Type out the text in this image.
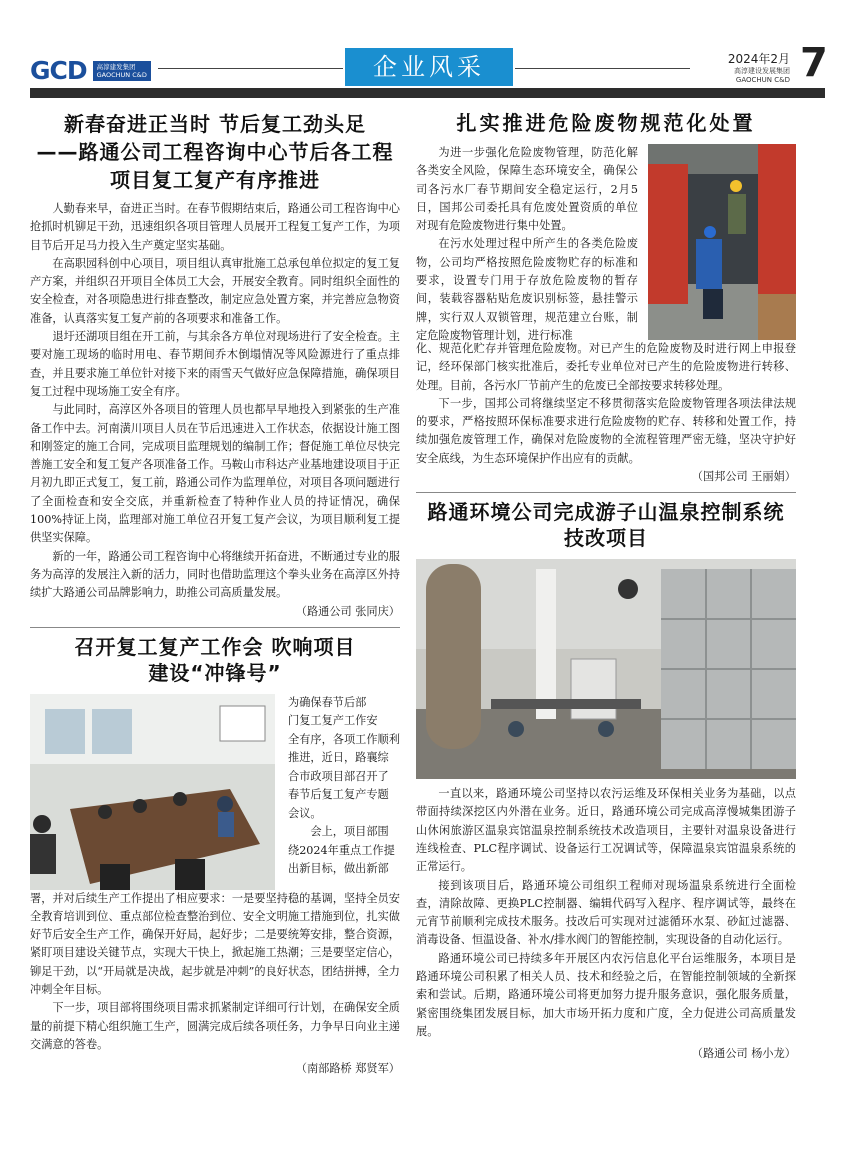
GCD	高淳建发集团
GAOCHUN C&D	企业风采	2024年2月
高淳建设发展集团
GAOCHUN C&D 7
新春奋进正当时 节后复工劲头足
——路通公司工程咨询中心节后各工程
项目复工复产有序推进

人勤春来早，奋进正当时。在春节假期结束后，路通公司工程咨询中心抢抓时机铆足干劲，迅速组织各项目管理人员展开工程复工复产工作，为项目节后开足马力投入生产奠定坚实基础。

在高职园科创中心项目，项目组认真审批施工总承包单位拟定的复工复产方案，并组织召开项目全体员工大会，开展安全教育。同时组织全面性的安全检查，对各项隐患进行排查整改，制定应急处置方案，并完善应急物资准备，认真落实复工复产前的各项要求和准备工作。

退圩还湖项目组在开工前，与其余各方单位对现场进行了安全检查。主要对施工现场的临时用电、春节期间乔木倒塌情况等风险源进行了重点排查，并且要求施工单位针对接下来的雨雪天气做好应急保障措施，确保项目复工过程中现场施工安全有序。

与此同时，高淳区外各项目的管理人员也都早早地投入到紧张的生产准备工作中去。河南潢川项目人员在节后迅速进入工作状态，依据设计施工图和刚签定的施工合同，完成项目监理规划的编制工作；督促施工单位尽快完善施工安全和复工复产各项准备工作。马鞍山市科达产业基地建设项目于正月初九即正式复工，复工前，路通公司作为监理单位，对项目各项问题进行了全面检查和安全交底，并重新检查了特种作业人员的持证情况，确保100%持证上岗，监理部对施工单位召开复工复产会议，为项目顺利复工提供坚实保障。

新的一年，路通公司工程咨询中心将继续开拓奋进，不断通过专业的服务为高淳的发展注入新的活力，同时也借助监理这个拳头业务在高淳区外持续扩大路通公司品牌影响力，助推公司高质量发展。

（路通公司 张同庆）
召开复工复产工作会 吹响项目
建设“冲锋号”

为确保春节后部

门复工复产工作安

全有序，各项工作顺利

推进，近日，路襄综

合市政项目部召开了

春节后复工复产专题

会议。

会上，项目部围

绕2024年重点工作提

出新目标，做出新部

署，并对后续生产工作提出了相应要求：一是要坚持稳的基调，坚持全员安全教育培训到位、重点部位检查整治到位、安全文明施工措施到位，扎实做好节后安全生产工作，确保开好局，起好步；二是要统筹安排，整合资源，紧盯项目建设关键节点，实现大干快上，掀起施工热潮；三是要坚定信心，铆足干劲，以“开局就是决战，起步就是冲刺”的良好状态，团结拼搏，全力冲刺全年目标。

下一步，项目部将围绕项目需求抓紧制定详细可行计划，在确保安全质量的前提下精心组织施工生产，圆满完成后续各项任务，力争早日向业主递交满意的答卷。

（南部路桥 郑贤军）
扎实推进危险废物规范化处置

为进一步强化危险废物管理，防范化解各类安全风险，保障生态环境安全，确保公司各污水厂春节期间安全稳定运行，2月5日，国邦公司委托具有危废处置资质的单位对现有危险废物进行集中处置。

在污水处理过程中所产生的各类危险废物，公司均严格按照危险废物贮存的标准和要求，设置专门用于存放危险废物的暂存间，装载容器粘贴危废识别标签，悬挂警示牌，实行双人双锁管理，规范建立台账，制定危险废物管理计划，进行标准

化、规范化贮存并管理危险废物。对已产生的危险废物及时进行网上申报登记，经环保部门核实批准后，委托专业单位对已产生的危险废物进行转移、处理。目前，各污水厂节前产生的危废已全部按要求转移处理。

下一步，国邦公司将继续坚定不移贯彻落实危险废物管理各项法律法规的要求，严格按照环保标准要求进行危险废物的贮存、转移和处置工作，持续加强危废管理工作，确保对危险废物的全流程管理严密无缝，坚决守护好安全底线，为生态环境保护作出应有的贡献。

（国邦公司 王丽娟）
路通环境公司完成游子山温泉控制系统
技改项目

一直以来，路通环境公司坚持以农污运维及环保相关业务为基础，以点带面持续深挖区内外潜在业务。近日，路通环境公司完成高淳慢城集团游子山休闲旅游区温泉宾馆温泉控制系统技术改造项目，主要针对温泉设备进行连线检查、PLC程序调试、设备运行工况调试等，保障温泉宾馆温泉系统的正常运行。

接到该项目后，路通环境公司组织工程师对现场温泉系统进行全面检查，清除故障、更换PLC控制器、编辑代码写入程序、程序调试等，最终在元宵节前顺利完成技术服务。技改后可实现对过滤循环水泵、砂缸过滤器、消毒设备、恒温设备、补水/排水阀门的智能控制，实现设备的自动化运行。

路通环境公司已持续多年开展区内农污信息化平台运维服务，本项目是路通环境公司积累了相关人员、技术和经验之后，在智能控制领域的全新探索和尝试。后期，路通环境公司将更加努力提升服务意识，强化服务质量，紧密围绕集团发展目标，加大市场开拓力度和广度，全力促进公司高质量发展。

（路通公司 杨小龙）
